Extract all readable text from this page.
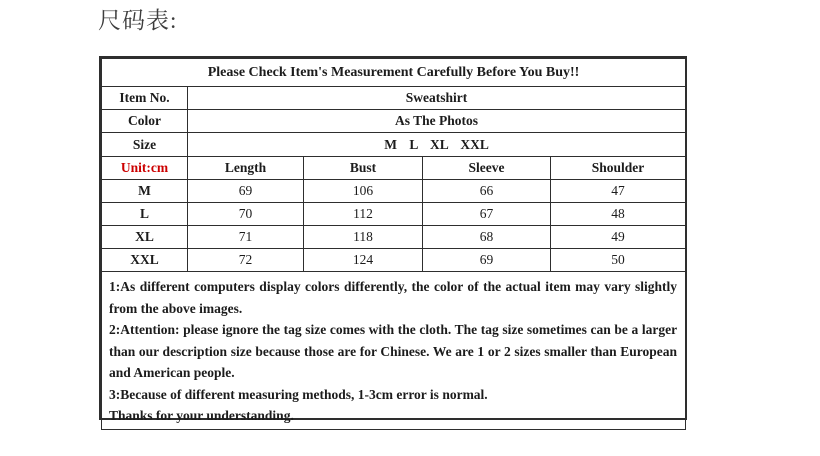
尺码表:
Please Check Item's Measurement Carefully Before You Buy!!				
Item No.	Sweatshirt			
Color	As The Photos			
Size	M L XL XXL			
Unit:cm	Length	Bust	Sleeve	Shoulder
M	69	106	66	47
L	70	112	67	48
XL	71	118	68	49
XXL	72	124	69	50

1:As different computers display colors differently, the color of the actual item may vary slightly from the above images.

2:Attention: please ignore the tag size comes with the cloth. The tag size sometimes can be a larger than our description size because those are for Chinese. We are 1 or 2 sizes smaller than European and American people.

3:Because of different measuring methods, 1-3cm error is normal.

Thanks for your understanding.				
